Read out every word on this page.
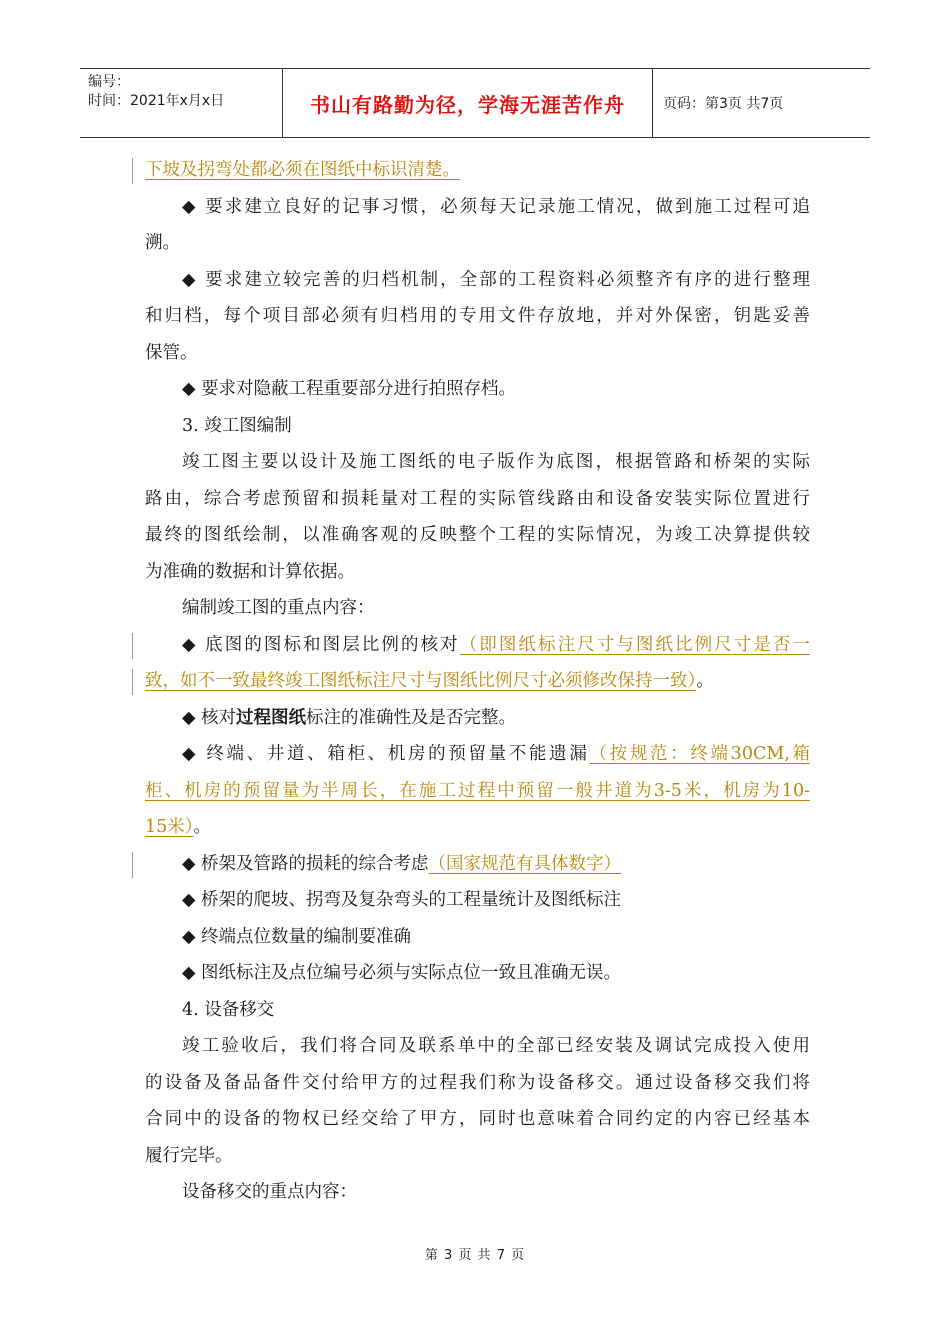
编号：
时间：2021年x月x日	书山有路勤为径，学海无涯苦作舟	页码：第3页 共7页
下坡及拐弯处都必须在图纸中标识清楚。
◆ 要求建立良好的记事习惯，必须每天记录施工情况，做到施工过程可追
溯。
◆ 要求建立较完善的归档机制，全部的工程资料必须整齐有序的进行整理
和归档，每个项目部必须有归档用的专用文件存放地，并对外保密，钥匙妥善
保管。
◆ 要求对隐蔽工程重要部分进行拍照存档。
3. 竣工图编制
竣工图主要以设计及施工图纸的电子版作为底图，根据管路和桥架的实际
路由，综合考虑预留和损耗量对工程的实际管线路由和设备安装实际位置进行
最终的图纸绘制，以准确客观的反映整个工程的实际情况，为竣工决算提供较
为准确的数据和计算依据。
编制竣工图的重点内容：
◆ 底图的图标和图层比例的核对（即图纸标注尺寸与图纸比例尺寸是否一
致，如不一致最终竣工图纸标注尺寸与图纸比例尺寸必须修改保持一致）。
◆ 核对过程图纸标注的准确性及是否完整。
◆ 终端、井道、箱柜、机房的预留量不能遗漏（按规范：终端30CM,箱
柜、机房的预留量为半周长，在施工过程中预留一般井道为3-5米，机房为10-
15米）。
◆ 桥架及管路的损耗的综合考虑（国家规范有具体数字）
◆ 桥架的爬坡、拐弯及复杂弯头的工程量统计及图纸标注
◆ 终端点位数量的编制要准确
◆ 图纸标注及点位编号必须与实际点位一致且准确无误。
4. 设备移交
竣工验收后，我们将合同及联系单中的全部已经安装及调试完成投入使用
的设备及备品备件交付给甲方的过程我们称为设备移交。通过设备移交我们将
合同中的设备的物权已经交给了甲方，同时也意味着合同约定的内容已经基本
履行完毕。
设备移交的重点内容：
第 3 页 共 7 页
